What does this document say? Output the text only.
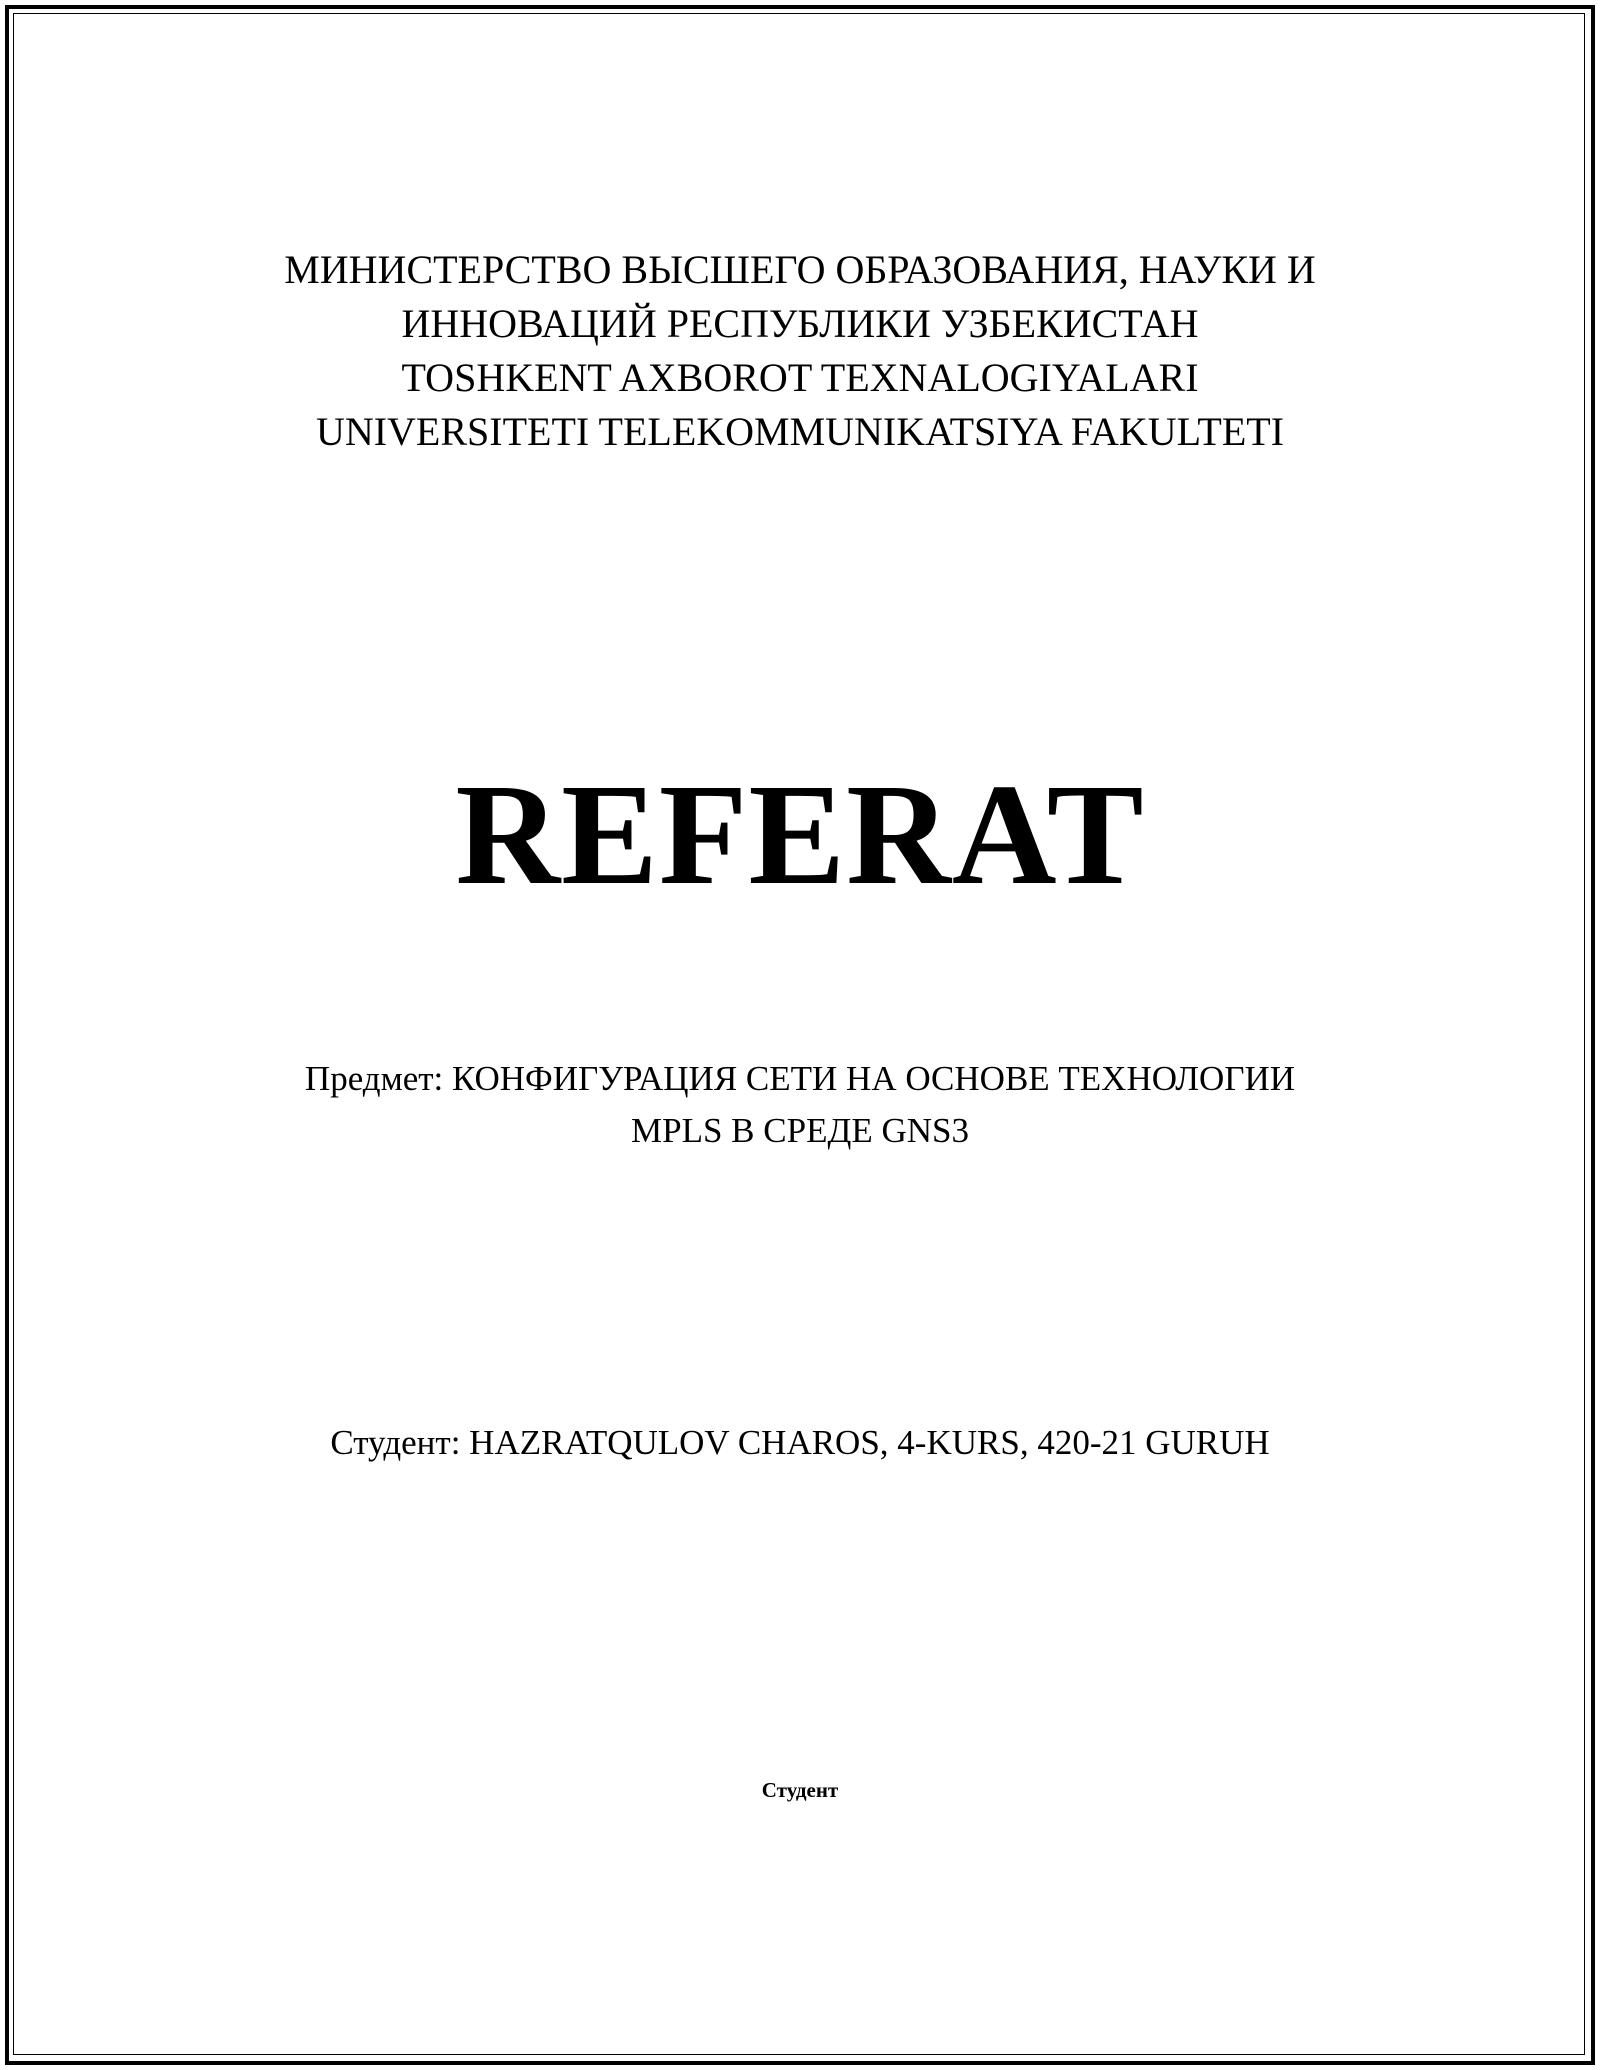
МИНИСТЕРСТВО ВЫСШЕГО ОБРАЗОВАНИЯ, НАУКИ И
ИННОВАЦИЙ РЕСПУБЛИКИ УЗБЕКИСТАН
TOSHKENT AXBOROT TEXNALOGIYALARI
UNIVERSITETI TELEKOMMUNIKATSIYA FAKULTETI
REFERAT
Предмет: КОНФИГУРАЦИЯ СЕТИ НА ОСНОВЕ ТЕХНОЛОГИИ
MPLS В СРЕДЕ GNS3
Студент: HAZRATQULOV CHAROS, 4-KURS, 420-21 GURUH
Студент
